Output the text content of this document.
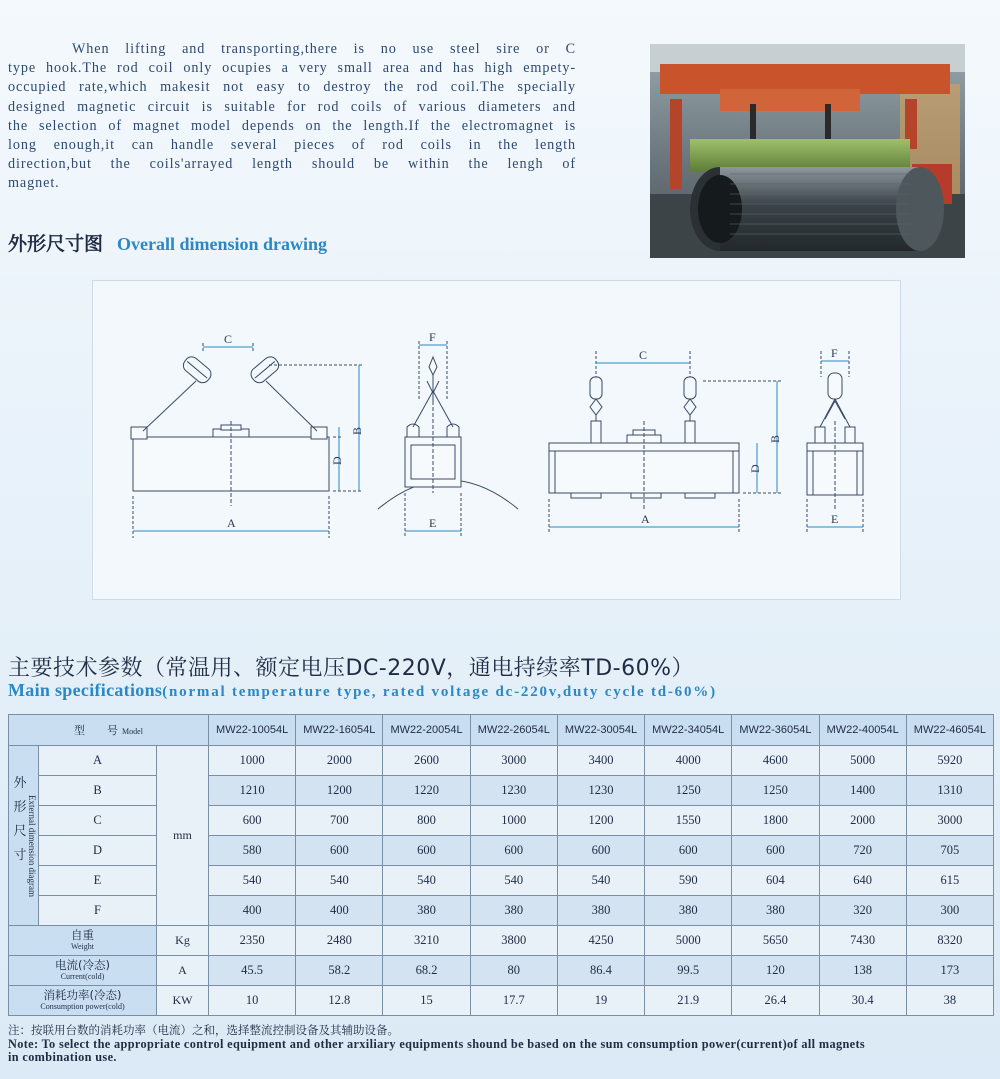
When lifting and transporting,there is no use steel sire or C
type hook.The rod coil only ocupies a very small area and has high empety-
occupied rate,which makesit not easy to destroy the rod coil.The specially
designed magnetic circuit is suitable for rod coils of various diameters and
the selection of magnet model depends on the length.If the electromagnet is
long enough,it can handle several pieces of rod coils in the length
direction,but the coils'arrayed length should be within the lengh of
magnet.
外形尺寸图 Overall dimension drawing
C
A
B
D
F
E
C
A
B
D
F
E
主要技术参数（常温用、额定电压DC-220V，通电持续率TD-60%）
Main specifications(normal temperature type, rated voltage dc-220v,duty cycle td-60%)
型　　号 Model			MW22-10054L	MW22-16054L	MW22-20054L	MW22-26054L	MW22-30054L	MW22-34054L	MW22-36054L	MW22-40054L	MW22-46054L

外
形
尺
寸 External dimension diagram	A	mm	1000	2000	2600	3000	3400	4000	4600	5000	5920
	B		1210	1200	1220	1230	1230	1250	1250	1400	1310
	C		600	700	800	1000	1200	1550	1800	2000	3000
	D		580	600	600	600	600	600	600	720	705
	E		540	540	540	540	540	590	604	640	615
	F		400	400	380	380	380	380	380	320	300

自重
Weight		Kg	2350	2480	3210	3800	4250	5000	5650	7430	8320

电流(冷态)
Current(cold)		A	45.5	58.2	68.2	80	86.4	99.5	120	138	173

消耗功率(冷态)
Consumption power(cold)		KW	10	12.8	15	17.7	19	21.9	26.4	30.4	38
注：按联用台数的消耗功率（电流）之和，选择整流控制设备及其辅助设备。
Note: To select the appropriate control equipment and other arxiliary equipments shound be based on the sum consumption power(current)of all magnets
in combination use.
